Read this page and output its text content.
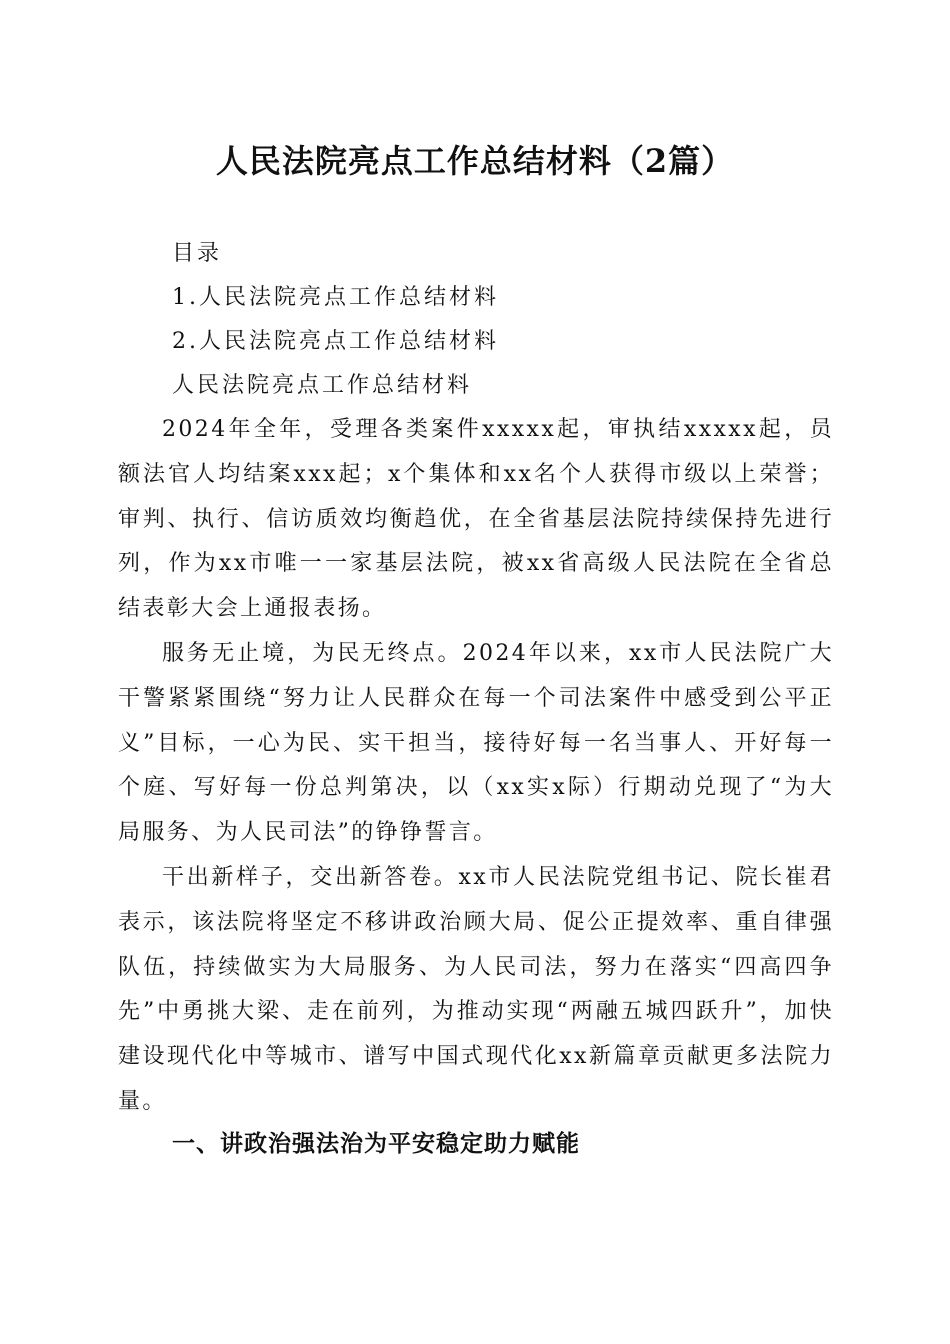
人民法院亮点工作总结材料（2篇）
目录
1.人民法院亮点工作总结材料
2.人民法院亮点工作总结材料
人民法院亮点工作总结材料

2024年全年，受理各类案件xxxxx起，审执结xxxxx起，员额法官人均结案xxx起；x个集体和xx名个人获得市级以上荣誉；审判、执行、信访质效均衡趋优，在全省基层法院持续保持先进行列，作为xx市唯一一家基层法院，被xx省高级人民法院在全省总结表彰大会上通报表扬。

服务无止境，为民无终点。2024年以来，xx市人民法院广大干警紧紧围绕“努力让人民群众在每一个司法案件中感受到公平正义”目标，一心为民、实干担当，接待好每一名当事人、开好每一个庭、写好每一份总判第决，以（xx实x际）行期动兑现了“为大局服务、为人民司法”的铮铮誓言。

干出新样子，交出新答卷。xx市人民法院党组书记、院长崔君表示，该法院将坚定不移讲政治顾大局、促公正提效率、重自律强队伍，持续做实为大局服务、为人民司法，努力在落实“四高四争先”中勇挑大梁、走在前列，为推动实现“两融五城四跃升”，加快建设现代化中等城市、谱写中国式现代化xx新篇章贡献更多法院力量。

一、讲政治强法治为平安稳定助力赋能
